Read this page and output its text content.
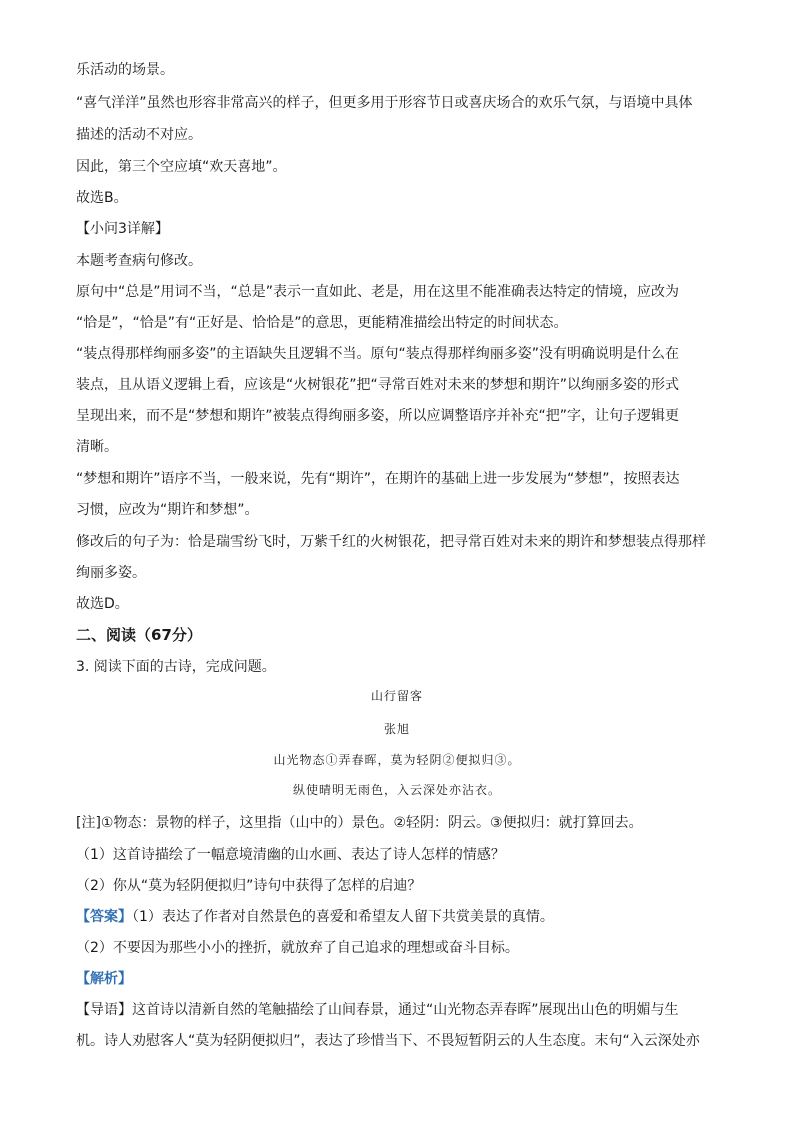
乐活动的场景。
“喜气洋洋”虽然也形容非常高兴的样子，但更多用于形容节日或喜庆场合的欢乐气氛，与语境中具体
描述的活动不对应。
因此，第三个空应填“欢天喜地”。
故选B。
【小问3详解】
本题考查病句修改。
原句中“总是”用词不当，“总是”表示一直如此、老是，用在这里不能准确表达特定的情境，应改为
“恰是”，“恰是”有“正好是、恰恰是”的意思，更能精准描绘出特定的时间状态。
“装点得那样绚丽多姿”的主语缺失且逻辑不当。原句“装点得那样绚丽多姿”没有明确说明是什么在
装点，且从语义逻辑上看，应该是“火树银花”把“寻常百姓对未来的梦想和期许”以绚丽多姿的形式
呈现出来，而不是“梦想和期许”被装点得绚丽多姿，所以应调整语序并补充“把”字，让句子逻辑更
清晰。
“梦想和期许”语序不当，一般来说，先有“期许”，在期许的基础上进一步发展为“梦想”，按照表达
习惯，应改为“期许和梦想”。
修改后的句子为：恰是瑞雪纷飞时，万紫千红的火树银花，把寻常百姓对未来的期许和梦想装点得那样
绚丽多姿。
故选D。
二、阅读（67分）
3. 阅读下面的古诗，完成问题。
山行留客
张旭
山光物态①弄春晖，莫为轻阴②便拟归③。
纵使晴明无雨色，入云深处亦沾衣。
[注]①物态：景物的样子，这里指（山中的）景色。②轻阴：阴云。③便拟归：就打算回去。
（1）这首诗描绘了一幅意境清幽的山水画、表达了诗人怎样的情感？
（2）你从“莫为轻阴便拟归”诗句中获得了怎样的启迪？
【答案】（1）表达了作者对自然景色的喜爱和希望友人留下共赏美景的真情。
（2）不要因为那些小小的挫折，就放弃了自己追求的理想或奋斗目标。
【解析】
【导语】这首诗以清新自然的笔触描绘了山间春景，通过“山光物态弄春晖”展现出山色的明媚与生
机。诗人劝慰客人“莫为轻阴便拟归”，表达了珍惜当下、不畏短暂阴云的人生态度。末句“入云深处亦
